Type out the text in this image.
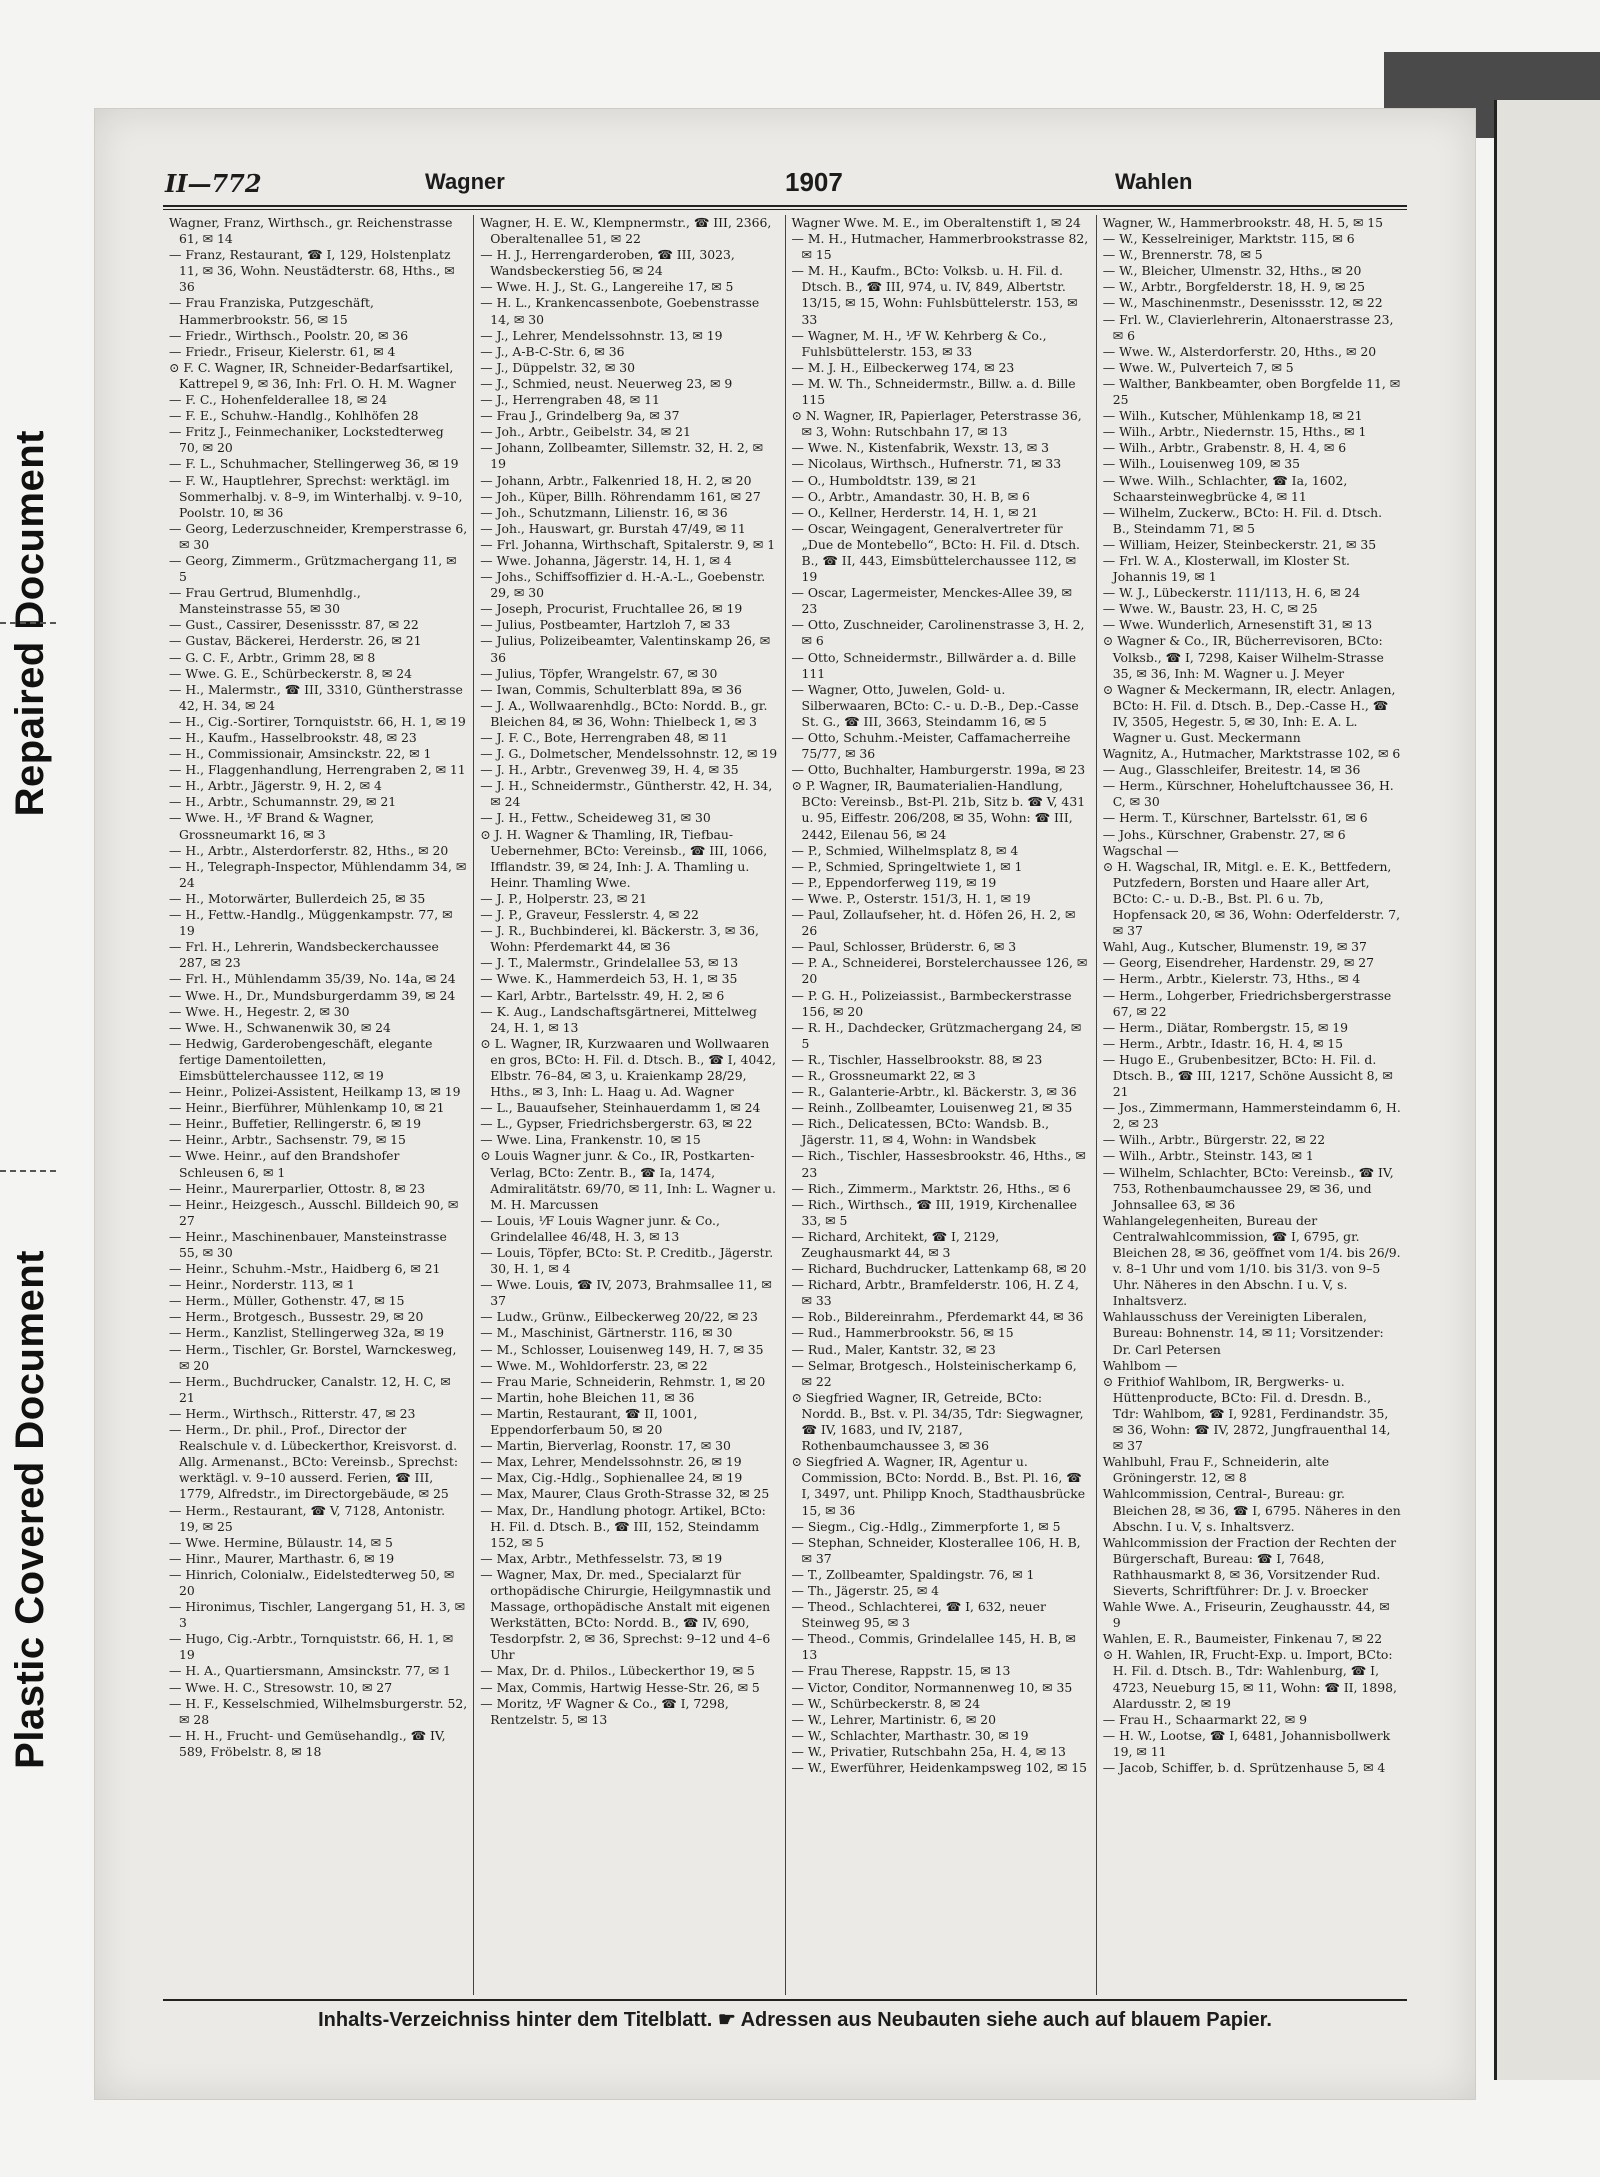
Repaired Document
Plastic Covered Document
II—772	Wagner	1907	Wahlen

Wagner, Franz, Wirthsch., gr. Reichenstrasse 61, ✉ 14

— Franz, Restaurant, ☎ I, 129, Holstenplatz 11, ✉ 36, Wohn. Neustädterstr. 68, Hths., ✉ 36

— Frau Franziska, Putzgeschäft, Hammerbrookstr. 56, ✉ 15

— Friedr., Wirthsch., Poolstr. 20, ✉ 36

— Friedr., Friseur, Kielerstr. 61, ✉ 4

⊙ F. C. Wagner, IR, Schneider-Bedarfsartikel, Kattrepel 9, ✉ 36, Inh: Frl. O. H. M. Wagner

— F. C., Hohenfelderallee 18, ✉ 24

— F. E., Schuhw.-Handlg., Kohlhöfen 28

— Fritz J., Feinmechaniker, Lockstedterweg 70, ✉ 20

— F. L., Schuhmacher, Stellingerweg 36, ✉ 19

— F. W., Hauptlehrer, Sprechst: werktägl. im Sommerhalbj. v. 8–9, im Winterhalbj. v. 9–10, Poolstr. 10, ✉ 36

— Georg, Lederzuschneider, Kremperstrasse 6, ✉ 30

— Georg, Zimmerm., Grützmachergang 11, ✉ 5

— Frau Gertrud, Blumenhdlg., Mansteinstrasse 55, ✉ 30

— Gust., Cassirer, Desenissstr. 87, ✉ 22

— Gustav, Bäckerei, Herderstr. 26, ✉ 21

— G. C. F., Arbtr., Grimm 28, ✉ 8

— Wwe. G. E., Schürbeckerstr. 8, ✉ 24

— H., Malermstr., ☎ III, 3310, Güntherstrasse 42, H. 34, ✉ 24

— H., Cig.-Sortirer, Tornquiststr. 66, H. 1, ✉ 19

— H., Kaufm., Hasselbrookstr. 48, ✉ 23

— H., Commissionair, Amsinckstr. 22, ✉ 1

— H., Flaggenhandlung, Herrengraben 2, ✉ 11

— H., Arbtr., Jägerstr. 9, H. 2, ✉ 4

— H., Arbtr., Schumannstr. 29, ✉ 21

— Wwe. H., ⅟F Brand & Wagner, Grossneumarkt 16, ✉ 3

— H., Arbtr., Alsterdorferstr. 82, Hths., ✉ 20

— H., Telegraph-Inspector, Mühlendamm 34, ✉ 24

— H., Motorwärter, Bullerdeich 25, ✉ 35

— H., Fettw.-Handlg., Müggenkampstr. 77, ✉ 19

— Frl. H., Lehrerin, Wandsbeckerchaussee 287, ✉ 23

— Frl. H., Mühlendamm 35/39, No. 14a, ✉ 24

— Wwe. H., Dr., Mundsburgerdamm 39, ✉ 24

— Wwe. H., Hegestr. 2, ✉ 30

— Wwe. H., Schwanenwik 30, ✉ 24

— Hedwig, Garderobengeschäft, elegante fertige Damentoiletten, Eimsbüttelerchaussee 112, ✉ 19

— Heinr., Polizei-Assistent, Heilkamp 13, ✉ 19

— Heinr., Bierführer, Mühlenkamp 10, ✉ 21

— Heinr., Buffetier, Rellingerstr. 6, ✉ 19

— Heinr., Arbtr., Sachsenstr. 79, ✉ 15

— Wwe. Heinr., auf den Brandshofer Schleusen 6, ✉ 1

— Heinr., Maurerparlier, Ottostr. 8, ✉ 23

— Heinr., Heizgesch., Ausschl. Billdeich 90, ✉ 27

— Heinr., Maschinenbauer, Mansteinstrasse 55, ✉ 30

— Heinr., Schuhm.-Mstr., Haidberg 6, ✉ 21

— Heinr., Norderstr. 113, ✉ 1

— Herm., Müller, Gothenstr. 47, ✉ 15

— Herm., Brotgesch., Bussestr. 29, ✉ 20

— Herm., Kanzlist, Stellingerweg 32a, ✉ 19

— Herm., Tischler, Gr. Borstel, Warnckesweg, ✉ 20

— Herm., Buchdrucker, Canalstr. 12, H. C, ✉ 21

— Herm., Wirthsch., Ritterstr. 47, ✉ 23

— Herm., Dr. phil., Prof., Director der Realschule v. d. Lübeckerthor, Kreisvorst. d. Allg. Armenanst., BCto: Vereinsb., Sprechst: werktägl. v. 9–10 ausserd. Ferien, ☎ III, 1779, Alfredstr., im Directorgebäude, ✉ 25

— Herm., Restaurant, ☎ V, 7128, Antonistr. 19, ✉ 25

— Wwe. Hermine, Bülaustr. 14, ✉ 5

— Hinr., Maurer, Marthastr. 6, ✉ 19

— Hinrich, Colonialw., Eidelstedterweg 50, ✉ 20

— Hironimus, Tischler, Langergang 51, H. 3, ✉ 3

— Hugo, Cig.-Arbtr., Tornquiststr. 66, H. 1, ✉ 19

— H. A., Quartiersmann, Amsinckstr. 77, ✉ 1

— Wwe. H. C., Stresowstr. 10, ✉ 27

— H. F., Kesselschmied, Wilhelmsburgerstr. 52, ✉ 28

— H. H., Frucht- und Gemüsehandlg., ☎ IV, 589, Fröbelstr. 8, ✉ 18

Wagner, H. E. W., Klempnermstr., ☎ III, 2366, Oberaltenallee 51, ✉ 22

— H. J., Herrengarderoben, ☎ III, 3023, Wandsbeckerstieg 56, ✉ 24

— Wwe. H. J., St. G., Langereihe 17, ✉ 5

— H. L., Krankencassenbote, Goebenstrasse 14, ✉ 30

— J., Lehrer, Mendelssohnstr. 13, ✉ 19

— J., A-B-C-Str. 6, ✉ 36

— J., Düppelstr. 32, ✉ 30

— J., Schmied, neust. Neuerweg 23, ✉ 9

— J., Herrengraben 48, ✉ 11

— Frau J., Grindelberg 9a, ✉ 37

— Joh., Arbtr., Geibelstr. 34, ✉ 21

— Johann, Zollbeamter, Sillemstr. 32, H. 2, ✉ 19

— Johann, Arbtr., Falkenried 18, H. 2, ✉ 20

— Joh., Küper, Billh. Röhrendamm 161, ✉ 27

— Joh., Schutzmann, Lilienstr. 16, ✉ 36

— Joh., Hauswart, gr. Burstah 47/49, ✉ 11

— Frl. Johanna, Wirthschaft, Spitalerstr. 9, ✉ 1

— Wwe. Johanna, Jägerstr. 14, H. 1, ✉ 4

— Johs., Schiffsoffizier d. H.-A.-L., Goebenstr. 29, ✉ 30

— Joseph, Procurist, Fruchtallee 26, ✉ 19

— Julius, Postbeamter, Hartzloh 7, ✉ 33

— Julius, Polizeibeamter, Valentinskamp 26, ✉ 36

— Julius, Töpfer, Wrangelstr. 67, ✉ 30

— Iwan, Commis, Schulterblatt 89a, ✉ 36

— J. A., Wollwaarenhdlg., BCto: Nordd. B., gr. Bleichen 84, ✉ 36, Wohn: Thielbeck 1, ✉ 3

— J. F. C., Bote, Herrengraben 48, ✉ 11

— J. G., Dolmetscher, Mendelssohnstr. 12, ✉ 19

— J. H., Arbtr., Grevenweg 39, H. 4, ✉ 35

— J. H., Schneidermstr., Güntherstr. 42, H. 34, ✉ 24

— J. H., Fettw., Scheideweg 31, ✉ 30

⊙ J. H. Wagner & Thamling, IR, Tiefbau-Uebernehmer, BCto: Vereinsb., ☎ III, 1066, Ifflandstr. 39, ✉ 24, Inh: J. A. Thamling u. Heinr. Thamling Wwe.

— J. P., Holperstr. 23, ✉ 21

— J. P., Graveur, Fesslerstr. 4, ✉ 22

— J. R., Buchbinderei, kl. Bäckerstr. 3, ✉ 36, Wohn: Pferdemarkt 44, ✉ 36

— J. T., Malermstr., Grindelallee 53, ✉ 13

— Wwe. K., Hammerdeich 53, H. 1, ✉ 35

— Karl, Arbtr., Bartelsstr. 49, H. 2, ✉ 6

— K. Aug., Landschaftsgärtnerei, Mittelweg 24, H. 1, ✉ 13

⊙ L. Wagner, IR, Kurzwaaren und Wollwaaren en gros, BCto: H. Fil. d. Dtsch. B., ☎ I, 4042, Elbstr. 76–84, ✉ 3, u. Kraienkamp 28/29, Hths., ✉ 3, Inh: L. Haag u. Ad. Wagner

— L., Bauaufseher, Steinhauerdamm 1, ✉ 24

— L., Gypser, Friedrichsbergerstr. 63, ✉ 22

— Wwe. Lina, Frankenstr. 10, ✉ 15

⊙ Louis Wagner junr. & Co., IR, Postkarten-Verlag, BCto: Zentr. B., ☎ Ia, 1474, Admiralitätstr. 69/70, ✉ 11, Inh: L. Wagner u. M. H. Marcussen

— Louis, ⅟F Louis Wagner junr. & Co., Grindelallee 46/48, H. 3, ✉ 13

— Louis, Töpfer, BCto: St. P. Creditb., Jägerstr. 30, H. 1, ✉ 4

— Wwe. Louis, ☎ IV, 2073, Brahmsallee 11, ✉ 37

— Ludw., Grünw., Eilbeckerweg 20/22, ✉ 23

— M., Maschinist, Gärtnerstr. 116, ✉ 30

— M., Schlosser, Louisenweg 149, H. 7, ✉ 35

— Wwe. M., Wohldorferstr. 23, ✉ 22

— Frau Marie, Schneiderin, Rehmstr. 1, ✉ 20

— Martin, hohe Bleichen 11, ✉ 36

— Martin, Restaurant, ☎ II, 1001, Eppendorferbaum 50, ✉ 20

— Martin, Bierverlag, Roonstr. 17, ✉ 30

— Max, Lehrer, Mendelssohnstr. 26, ✉ 19

— Max, Cig.-Hdlg., Sophienallee 24, ✉ 19

— Max, Maurer, Claus Groth-Strasse 32, ✉ 25

— Max, Dr., Handlung photogr. Artikel, BCto: H. Fil. d. Dtsch. B., ☎ III, 152, Steindamm 152, ✉ 5

— Max, Arbtr., Methfesselstr. 73, ✉ 19

— Wagner, Max, Dr. med., Specialarzt für orthopädische Chirurgie, Heilgymnastik und Massage, orthopädische Anstalt mit eigenen Werkstätten, BCto: Nordd. B., ☎ IV, 690, Tesdorpfstr. 2, ✉ 36, Sprechst: 9–12 und 4–6 Uhr

— Max, Dr. d. Philos., Lübeckerthor 19, ✉ 5

— Max, Commis, Hartwig Hesse-Str. 26, ✉ 5

— Moritz, ⅟F Wagner & Co., ☎ I, 7298, Rentzelstr. 5, ✉ 13

Wagner Wwe. M. E., im Oberaltenstift 1, ✉ 24

— M. H., Hutmacher, Hammerbrookstrasse 82, ✉ 15

— M. H., Kaufm., BCto: Volksb. u. H. Fil. d. Dtsch. B., ☎ III, 974, u. IV, 849, Albertstr. 13/15, ✉ 15, Wohn: Fuhlsbüttelerstr. 153, ✉ 33

— Wagner, M. H., ⅟F W. Kehrberg & Co., Fuhlsbüttelerstr. 153, ✉ 33

— M. J. H., Eilbeckerweg 174, ✉ 23

— M. W. Th., Schneidermstr., Billw. a. d. Bille 115

⊙ N. Wagner, IR, Papierlager, Peterstrasse 36, ✉ 3, Wohn: Rutschbahn 17, ✉ 13

— Wwe. N., Kistenfabrik, Wexstr. 13, ✉ 3

— Nicolaus, Wirthsch., Hufnerstr. 71, ✉ 33

— O., Humboldtstr. 139, ✉ 21

— O., Arbtr., Amandastr. 30, H. B, ✉ 6

— O., Kellner, Herderstr. 14, H. 1, ✉ 21

— Oscar, Weingagent, Generalvertreter für „Due de Montebello“, BCto: H. Fil. d. Dtsch. B., ☎ II, 443, Eimsbüttelerchaussee 112, ✉ 19

— Oscar, Lagermeister, Menckes-Allee 39, ✉ 23

— Otto, Zuschneider, Carolinenstrasse 3, H. 2, ✉ 6

— Otto, Schneidermstr., Billwärder a. d. Bille 111

— Wagner, Otto, Juwelen, Gold- u. Silberwaaren, BCto: C.- u. D.-B., Dep.-Casse St. G., ☎ III, 3663, Steindamm 16, ✉ 5

— Otto, Schuhm.-Meister, Caffamacherreihe 75/77, ✉ 36

— Otto, Buchhalter, Hamburgerstr. 199a, ✉ 23

⊙ P. Wagner, IR, Baumaterialien-Handlung, BCto: Vereinsb., Bst-Pl. 21b, Sitz b. ☎ V, 431 u. 95, Eiffestr. 206/208, ✉ 35, Wohn: ☎ III, 2442, Eilenau 56, ✉ 24

— P., Schmied, Wilhelmsplatz 8, ✉ 4

— P., Schmied, Springeltwiete 1, ✉ 1

— P., Eppendorferweg 119, ✉ 19

— Wwe. P., Osterstr. 151/3, H. 1, ✉ 19

— Paul, Zollaufseher, ht. d. Höfen 26, H. 2, ✉ 26

— Paul, Schlosser, Brüderstr. 6, ✉ 3

— P. A., Schneiderei, Borstelerchaussee 126, ✉ 20

— P. G. H., Polizeiassist., Barmbeckerstrasse 156, ✉ 20

— R. H., Dachdecker, Grützmachergang 24, ✉ 5

— R., Tischler, Hasselbrookstr. 88, ✉ 23

— R., Grossneumarkt 22, ✉ 3

— R., Galanterie-Arbtr., kl. Bäckerstr. 3, ✉ 36

— Reinh., Zollbeamter, Louisenweg 21, ✉ 35

— Rich., Delicatessen, BCto: Wandsb. B., Jägerstr. 11, ✉ 4, Wohn: in Wandsbek

— Rich., Tischler, Hassesbrookstr. 46, Hths., ✉ 23

— Rich., Zimmerm., Marktstr. 26, Hths., ✉ 6

— Rich., Wirthsch., ☎ III, 1919, Kirchenallee 33, ✉ 5

— Richard, Architekt, ☎ I, 2129, Zeughausmarkt 44, ✉ 3

— Richard, Buchdrucker, Lattenkamp 68, ✉ 20

— Richard, Arbtr., Bramfelderstr. 106, H. Z 4, ✉ 33

— Rob., Bildereinrahm., Pferdemarkt 44, ✉ 36

— Rud., Hammerbrookstr. 56, ✉ 15

— Rud., Maler, Kantstr. 32, ✉ 23

— Selmar, Brotgesch., Holsteinischerkamp 6, ✉ 22

⊙ Siegfried Wagner, IR, Getreide, BCto: Nordd. B., Bst. v. Pl. 34/35, Tdr: Siegwagner, ☎ IV, 1683, und IV, 2187, Rothenbaumchaussee 3, ✉ 36

⊙ Siegfried A. Wagner, IR, Agentur u. Commission, BCto: Nordd. B., Bst. Pl. 16, ☎ I, 3497, unt. Philipp Knoch, Stadthausbrücke 15, ✉ 36

— Siegm., Cig.-Hdlg., Zimmerpforte 1, ✉ 5

— Stephan, Schneider, Klosterallee 106, H. B, ✉ 37

— T., Zollbeamter, Spaldingstr. 76, ✉ 1

— Th., Jägerstr. 25, ✉ 4

— Theod., Schlachterei, ☎ I, 632, neuer Steinweg 95, ✉ 3

— Theod., Commis, Grindelallee 145, H. B, ✉ 13

— Frau Therese, Rappstr. 15, ✉ 13

— Victor, Conditor, Normannenweg 10, ✉ 35

— W., Schürbeckerstr. 8, ✉ 24

— W., Lehrer, Martinistr. 6, ✉ 20

— W., Schlachter, Marthastr. 30, ✉ 19

— W., Privatier, Rutschbahn 25a, H. 4, ✉ 13

— W., Ewerführer, Heidenkampsweg 102, ✉ 15

Wagner, W., Hammerbrookstr. 48, H. 5, ✉ 15

— W., Kesselreiniger, Marktstr. 115, ✉ 6

— W., Brennerstr. 78, ✉ 5

— W., Bleicher, Ulmenstr. 32, Hths., ✉ 20

— W., Arbtr., Borgfelderstr. 18, H. 9, ✉ 25

— W., Maschinenmstr., Desenissstr. 12, ✉ 22

— Frl. W., Clavierlehrerin, Altonaerstrasse 23, ✉ 6

— Wwe. W., Alsterdorferstr. 20, Hths., ✉ 20

— Wwe. W., Pulverteich 7, ✉ 5

— Walther, Bankbeamter, oben Borgfelde 11, ✉ 25

— Wilh., Kutscher, Mühlenkamp 18, ✉ 21

— Wilh., Arbtr., Niedernstr. 15, Hths., ✉ 1

— Wilh., Arbtr., Grabenstr. 8, H. 4, ✉ 6

— Wilh., Louisenweg 109, ✉ 35

— Wwe. Wilh., Schlachter, ☎ Ia, 1602, Schaarsteinwegbrücke 4, ✉ 11

— Wilhelm, Zuckerw., BCto: H. Fil. d. Dtsch. B., Steindamm 71, ✉ 5

— William, Heizer, Steinbeckerstr. 21, ✉ 35

— Frl. W. A., Klosterwall, im Kloster St. Johannis 19, ✉ 1

— W. J., Lübeckerstr. 111/113, H. 6, ✉ 24

— Wwe. W., Baustr. 23, H. C, ✉ 25

— Wwe. Wunderlich, Arnesenstift 31, ✉ 13

⊙ Wagner & Co., IR, Bücherrevisoren, BCto: Volksb., ☎ I, 7298, Kaiser Wilhelm-Strasse 35, ✉ 36, Inh: M. Wagner u. J. Meyer

⊙ Wagner & Meckermann, IR, electr. Anlagen, BCto: H. Fil. d. Dtsch. B., Dep.-Casse H., ☎ IV, 3505, Hegestr. 5, ✉ 30, Inh: E. A. L. Wagner u. Gust. Meckermann

Wagnitz, A., Hutmacher, Marktstrasse 102, ✉ 6

— Aug., Glasschleifer, Breitestr. 14, ✉ 36

— Herm., Kürschner, Hoheluftchaussee 36, H. C, ✉ 30

— Herm. T., Kürschner, Bartelsstr. 61, ✉ 6

— Johs., Kürschner, Grabenstr. 27, ✉ 6

Wagschal —

⊙ H. Wagschal, IR, Mitgl. e. E. K., Bettfedern, Putzfedern, Borsten und Haare aller Art, BCto: C.- u. D.-B., Bst. Pl. 6 u. 7b, Hopfensack 20, ✉ 36, Wohn: Oderfelderstr. 7, ✉ 37

Wahl, Aug., Kutscher, Blumenstr. 19, ✉ 37

— Georg, Eisendreher, Hardenstr. 29, ✉ 27

— Herm., Arbtr., Kielerstr. 73, Hths., ✉ 4

— Herm., Lohgerber, Friedrichsbergerstrasse 67, ✉ 22

— Herm., Diätar, Rombergstr. 15, ✉ 19

— Herm., Arbtr., Idastr. 16, H. 4, ✉ 15

— Hugo E., Grubenbesitzer, BCto: H. Fil. d. Dtsch. B., ☎ III, 1217, Schöne Aussicht 8, ✉ 21

— Jos., Zimmermann, Hammersteindamm 6, H. 2, ✉ 23

— Wilh., Arbtr., Bürgerstr. 22, ✉ 22

— Wilh., Arbtr., Steinstr. 143, ✉ 1

— Wilhelm, Schlachter, BCto: Vereinsb., ☎ IV, 753, Rothenbaumchaussee 29, ✉ 36, und Johnsallee 63, ✉ 36

Wahlangelegenheiten, Bureau der Centralwahlcommission, ☎ I, 6795, gr. Bleichen 28, ✉ 36, geöffnet vom 1/4. bis 26/9. v. 8–1 Uhr und vom 1/10. bis 31/3. von 9–5 Uhr. Näheres in den Abschn. I u. V, s. Inhaltsverz.

Wahlausschuss der Vereinigten Liberalen, Bureau: Bohnenstr. 14, ✉ 11; Vorsitzender: Dr. Carl Petersen

Wahlbom —

⊙ Frithiof Wahlbom, IR, Bergwerks- u. Hüttenproducte, BCto: Fil. d. Dresdn. B., Tdr: Wahlbom, ☎ I, 9281, Ferdinandstr. 35, ✉ 36, Wohn: ☎ IV, 2872, Jungfrauenthal 14, ✉ 37

Wahlbuhl, Frau F., Schneiderin, alte Gröningerstr. 12, ✉ 8

Wahlcommission, Central-, Bureau: gr. Bleichen 28, ✉ 36, ☎ I, 6795. Näheres in den Abschn. I u. V, s. Inhaltsverz.

Wahlcommission der Fraction der Rechten der Bürgerschaft, Bureau: ☎ I, 7648, Rathhausmarkt 8, ✉ 36, Vorsitzender Rud. Sieverts, Schriftführer: Dr. J. v. Broecker

Wahle Wwe. A., Friseurin, Zeughausstr. 44, ✉ 9

Wahlen, E. R., Baumeister, Finkenau 7, ✉ 22

⊙ H. Wahlen, IR, Frucht-Exp. u. Import, BCto: H. Fil. d. Dtsch. B., Tdr: Wahlenburg, ☎ I, 4723, Neueburg 15, ✉ 11, Wohn: ☎ II, 1898, Alardusstr. 2, ✉ 19

— Frau H., Schaarmarkt 22, ✉ 9

— H. W., Lootse, ☎ I, 6481, Johannisbollwerk 19, ✉ 11

— Jacob, Schiffer, b. d. Sprützenhause 5, ✉ 4

Inhalts-Verzeichniss hinter dem Titelblatt. ☛ Adressen aus Neubauten siehe auch auf blauem Papier.
